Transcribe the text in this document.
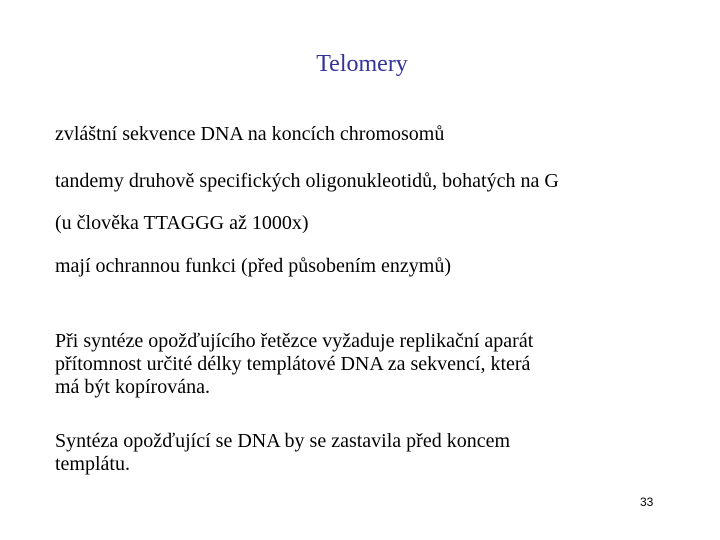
Telomery

zvláštní sekvence DNA na koncích chromosomů

tandemy druhově specifických oligonukleotidů, bohatých na G

(u člověka TTAGGG až 1000x)

mají ochrannou funkci (před působením enzymů)

Při syntéze opožďujícího řetězce vyžaduje replikační aparát
přítomnost určité délky templátové DNA za sekvencí, která
má být kopírována.

Syntéza opožďující se DNA by se zastavila před koncem
templátu.

33
